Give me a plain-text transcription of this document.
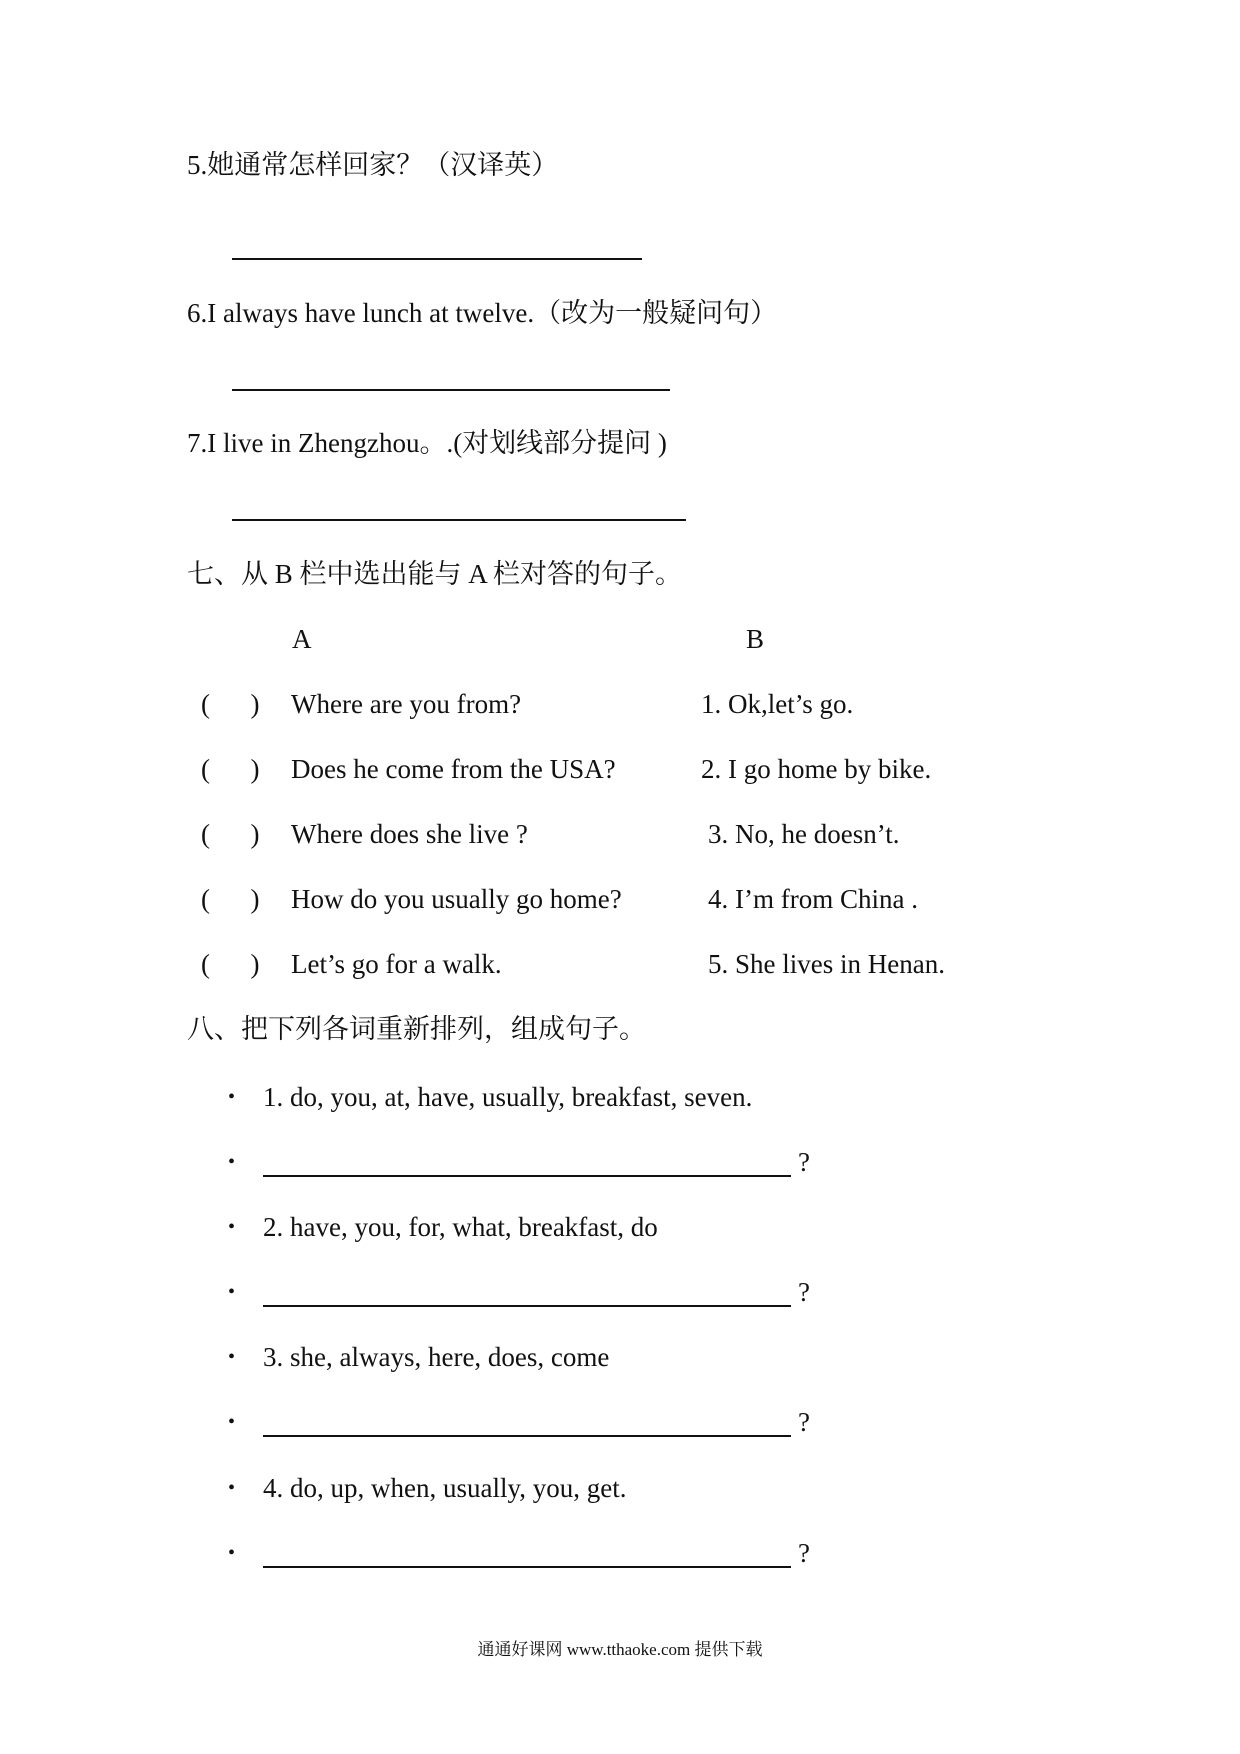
5.她通常怎样回家？（汉译英）
6.I always have lunch at twelve.（改为一般疑问句）
7.I live in Zhengzhou。.(对划线部分提问 )
七、从 B 栏中选出能与 A 栏对答的句子。
A	B
(      ) Where are you from?	1. Ok,let’s go.
(      ) Does he come from the USA?	2. I go home by bike.
(      ) Where does she live ?	3. No, he doesn’t.
(      ) How do you usually go home?	4. I’m from China .
(      ) Let’s go for a walk.	5. She lives in Henan.
八、把下列各词重新排列，组成句子。
• 1. do, you, at, have, usually, breakfast, seven.
•	?
• 2. have, you, for, what, breakfast, do
•	?
• 3. she, always, here, does, come
•	?
• 4. do, up, when, usually, you, get.
•	?
通通好课网 www.tthaoke.com 提供下载
